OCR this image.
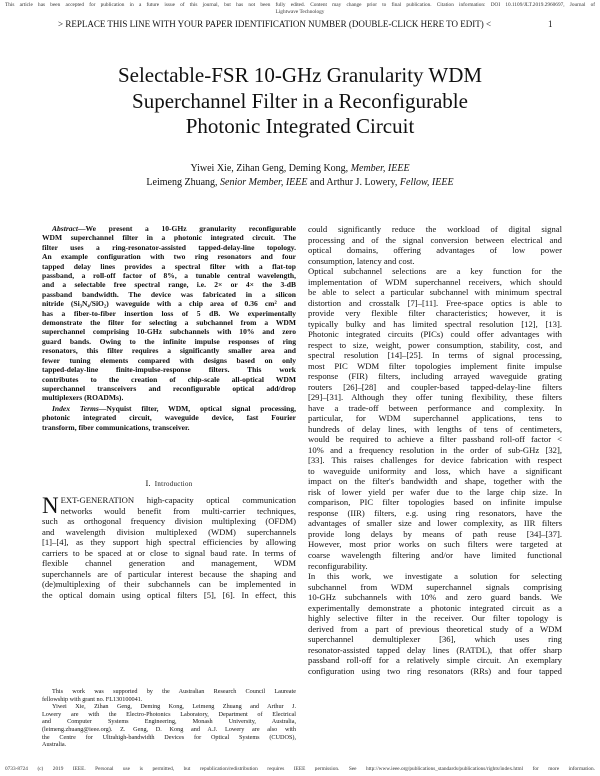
This article has been accepted for publication in a future issue of this journal, but has not been fully edited. Content may change prior to final publication. Citation information: DOI 10.1109/JLT.2019.2960697, Journal of
Lightwave Technology
> REPLACE THIS LINE WITH YOUR PAPER IDENTIFICATION NUMBER (DOUBLE-CLICK HERE TO EDIT) <	1
Selectable-FSR 10-GHz Granularity WDM
Superchannel Filter in a Reconfigurable
Photonic Integrated Circuit
Yiwei Xie, Zihan Geng, Deming Kong, Member, IEEE
Leimeng Zhuang, Senior Member, IEEE and Arthur J. Lowery, Fellow, IEEE
Abstract—We present a 10-GHz granularity reconfigurable
WDM superchannel filter in a photonic integrated circuit. The
filter uses a ring-resonator-assisted tapped-delay-line topology.
An example configuration with two ring resonators and four
tapped delay lines provides a spectral filter with a flat-top
passband, a roll-off factor of 8%, a tunable central wavelength,
and a selectable free spectral range, i.e. 2× or 4× the 3-dB
passband bandwidth. The device was fabricated in a silicon
nitride (Si₃N₄/SiO₂) waveguide with a chip area of 0.36 cm² and
has a fiber-to-fiber insertion loss of 5 dB. We experimentally
demonstrate the filter for selecting a subchannel from a WDM
superchannel comprising 10-GHz subchannels with 10% and zero
guard bands. Owing to the infinite impulse responses of ring
resonators, this filter requires a significantly smaller area and
fewer tuning elements compared with designs based on only
tapped-delay-line finite-impulse-response filters. This work
contributes to the creation of chip-scale all-optical WDM
superchannel transceivers and reconfigurable optical add/drop
multiplexers (ROADMs).
Index Terms—Nyquist filter, WDM, optical signal processing,
photonic integrated circuit, waveguide device, fast Fourier
transform, fiber communications, transceiver.
I. Introduction
N EXT-GENERATION high-capacity optical communication
networks would benefit from multi-carrier techniques,
such as orthogonal frequency division multiplexing (OFDM)
and wavelength division multiplexed (WDM) superchannels
[1]–[4], as they support high spectral efficiencies by allowing
carriers to be spaced at or close to signal baud rate. In terms of
flexible channel generation and management, WDM
superchannels are of particular interest because the shaping and
(de)multiplexing of their subchannels can be implemented in
the optical domain using optical filters [5], [6]. In effect, this
This work was supported by the Australian Research Council Laureate
fellowship with grant no. FL130100041.
Yiwei Xie, Zihan Geng, Deming Kong, Leimeng Zhuang and Arthur J.
Lowery are with the Electro-Photonics Laboratory, Department of Electrical
and Computer Systems Engineering, Monash University, Australia,
(leimeng.zhuang@ieee.org). Z. Geng, D. Kong and A.J. Lowery are also with
the Centre for Ultrahigh-bandwidth Devices for Optical Systems (CUDOS),
Australia.
could significantly reduce the workload of digital signal
processing and of the signal conversion between electrical and
optical domains, offering advantages of low power
consumption, latency and cost.
Optical subchannel selections are a key function for the
implementation of WDM superchannel receivers, which should
be able to select a particular subchannel with minimum spectral
distortion and crosstalk [7]–[11]. Free-space optics is able to
provide very flexible filter characteristics; however, it is
typically bulky and has limited spectral resolution [12], [13].
Photonic integrated circuits (PICs) could offer advantages with
respect to size, weight, power consumption, stability, cost, and
spectral resolution [14]–[25]. In terms of signal processing,
most PIC WDM filter topologies implement finite impulse
response (FIR) filters, including arrayed waveguide grating
routers [26]–[28] and coupler-based tapped-delay-line filters
[29]–[31]. Although they offer tuning flexibility, these filters
have a trade-off between performance and complexity. In
particular, for WDM superchannel applications, tens to
hundreds of delay lines, with lengths of tens of centimeters,
would be required to achieve a filter passband roll-off factor <
10% and a frequency resolution in the order of sub-GHz [32],
[33]. This raises challenges for device fabrication with respect
to waveguide uniformity and loss, which have a significant
impact on the filter's bandwidth and shape, together with the
risk of lower yield per wafer due to the large chip size. In
comparison, PIC filter topologies based on infinite impulse
response (IIR) filters, e.g. using ring resonators, have the
advantages of smaller size and lower complexity, as IIR filters
provide long delays by means of path reuse [34]–[37].
However, most prior works on such filters were targeted at
coarse wavelength filtering and/or have limited functional
reconfigurability.
In this work, we investigate a solution for selecting
subchannel from WDM superchannel signals comprising
10-GHz subchannels with 10% and zero guard bands. We
experimentally demonstrate a photonic integrated circuit as a
highly selective filter in the receiver. Our filter topology is
derived from a part of previous theoretical study of a WDM
superchannel demultiplexer [36], which uses ring
resonator-assisted tapped delay lines (RATDL), that offer sharp
passband roll-off for a relatively simple circuit. An exemplary
configuration using two ring resonators (RRs) and four tapped
0733-8724 (c) 2019 IEEE. Personal use is permitted, but republication/redistribution requires IEEE permission. See http://www.ieee.org/publications_standards/publications/rights/index.html for more information.
